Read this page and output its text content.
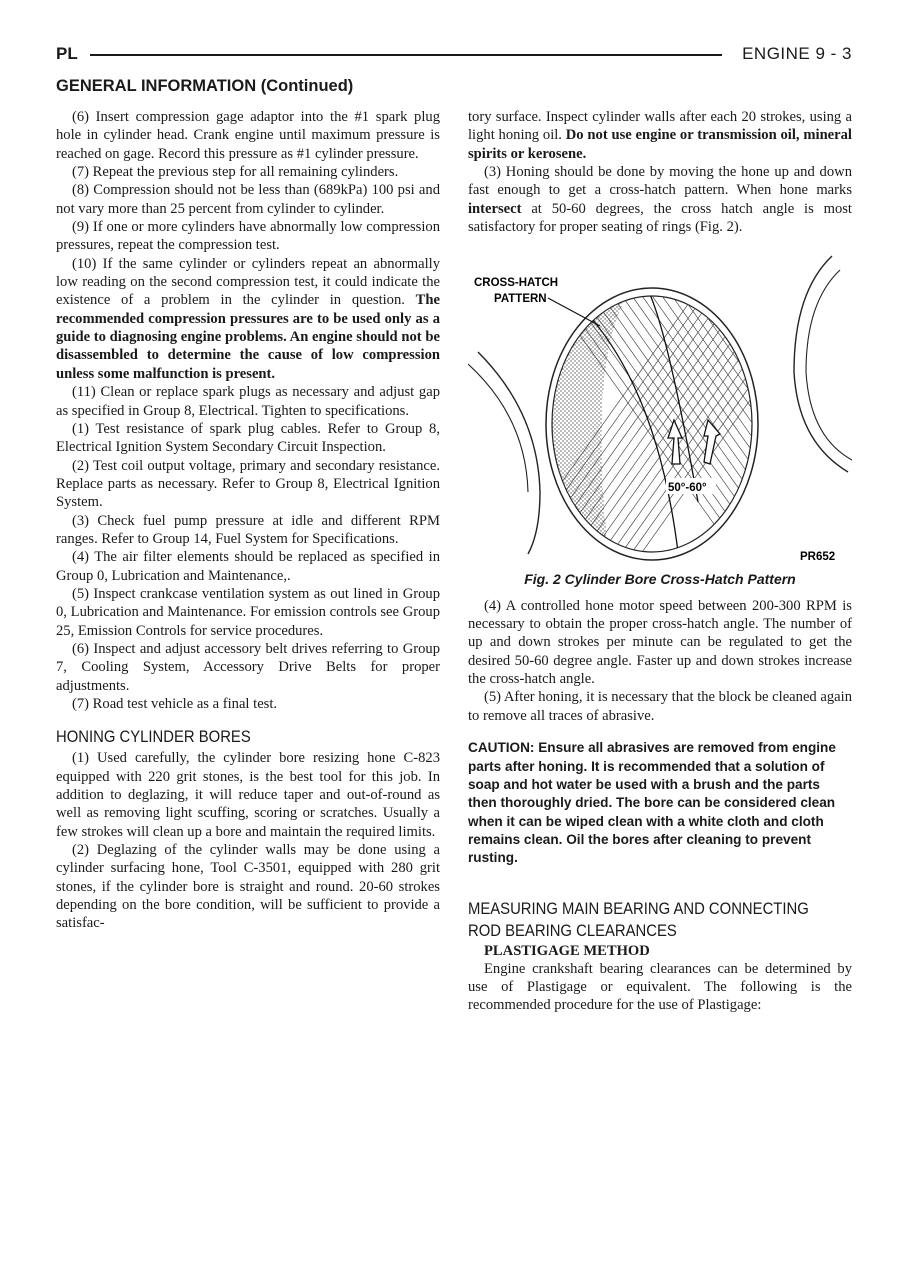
PL	ENGINE 9 - 3
GENERAL INFORMATION (Continued)

(6) Insert compression gage adaptor into the #1 spark plug hole in cylinder head. Crank engine until maximum pressure is reached on gage. Record this pressure as #1 cylinder pressure.

(7) Repeat the previous step for all remaining cylinders.

(8) Compression should not be less than (689kPa) 100 psi and not vary more than 25 percent from cylinder to cylinder.

(9) If one or more cylinders have abnormally low compression pressures, repeat the compression test.

(10) If the same cylinder or cylinders repeat an abnormally low reading on the second compression test, it could indicate the existence of a problem in the cylinder in question. The recommended compression pressures are to be used only as a guide to diagnosing engine problems. An engine should not be disassembled to determine the cause of low compression unless some malfunction is present.

(11) Clean or replace spark plugs as necessary and adjust gap as specified in Group 8, Electrical. Tighten to specifications.

(1) Test resistance of spark plug cables. Refer to Group 8, Electrical Ignition System Secondary Circuit Inspection.

(2) Test coil output voltage, primary and secondary resistance. Replace parts as necessary. Refer to Group 8, Electrical Ignition System.

(3) Check fuel pump pressure at idle and different RPM ranges. Refer to Group 14, Fuel System for Specifications.

(4) The air filter elements should be replaced as specified in Group 0, Lubrication and Maintenance,.

(5) Inspect crankcase ventilation system as out lined in Group 0, Lubrication and Maintenance. For emission controls see Group 25, Emission Controls for service procedures.

(6) Inspect and adjust accessory belt drives referring to Group 7, Cooling System, Accessory Drive Belts for proper adjustments.

(7) Road test vehicle as a final test.

HONING CYLINDER BORES

(1) Used carefully, the cylinder bore resizing hone C-823 equipped with 220 grit stones, is the best tool for this job. In addition to deglazing, it will reduce taper and out-of-round as well as removing light scuffing, scoring or scratches. Usually a few strokes will clean up a bore and maintain the required limits.

(2) Deglazing of the cylinder walls may be done using a cylinder surfacing hone, Tool C-3501, equipped with 280 grit stones, if the cylinder bore is straight and round. 20-60 strokes depending on the bore condition, will be sufficient to provide a satisfac-

tory surface. Inspect cylinder walls after each 20 strokes, using a light honing oil. Do not use engine or transmission oil, mineral spirits or kerosene.

(3) Honing should be done by moving the hone up and down fast enough to get a cross-hatch pattern. When hone marks intersect at 50-60 degrees, the cross hatch angle is most satisfactory for proper seating of rings (Fig. 2).

50°-60°
CROSS-HATCH
PATTERN
PR652
Fig. 2 Cylinder Bore Cross-Hatch Pattern

(4) A controlled hone motor speed between 200-300 RPM is necessary to obtain the proper cross-hatch angle. The number of up and down strokes per minute can be regulated to get the desired 50-60 degree angle. Faster up and down strokes increase the cross-hatch angle.

(5) After honing, it is necessary that the block be cleaned again to remove all traces of abrasive.

CAUTION: Ensure all abrasives are removed from engine parts after honing. It is recommended that a solution of soap and hot water be used with a brush and the parts then thoroughly dried. The bore can be considered clean when it can be wiped clean with a white cloth and cloth remains clean. Oil the bores after cleaning to prevent rusting.
MEASURING MAIN BEARING AND CONNECTING
ROD BEARING CLEARANCES
PLASTIGAGE METHOD

Engine crankshaft bearing clearances can be determined by use of Plastigage or equivalent. The following is the recommended procedure for the use of Plastigage:
